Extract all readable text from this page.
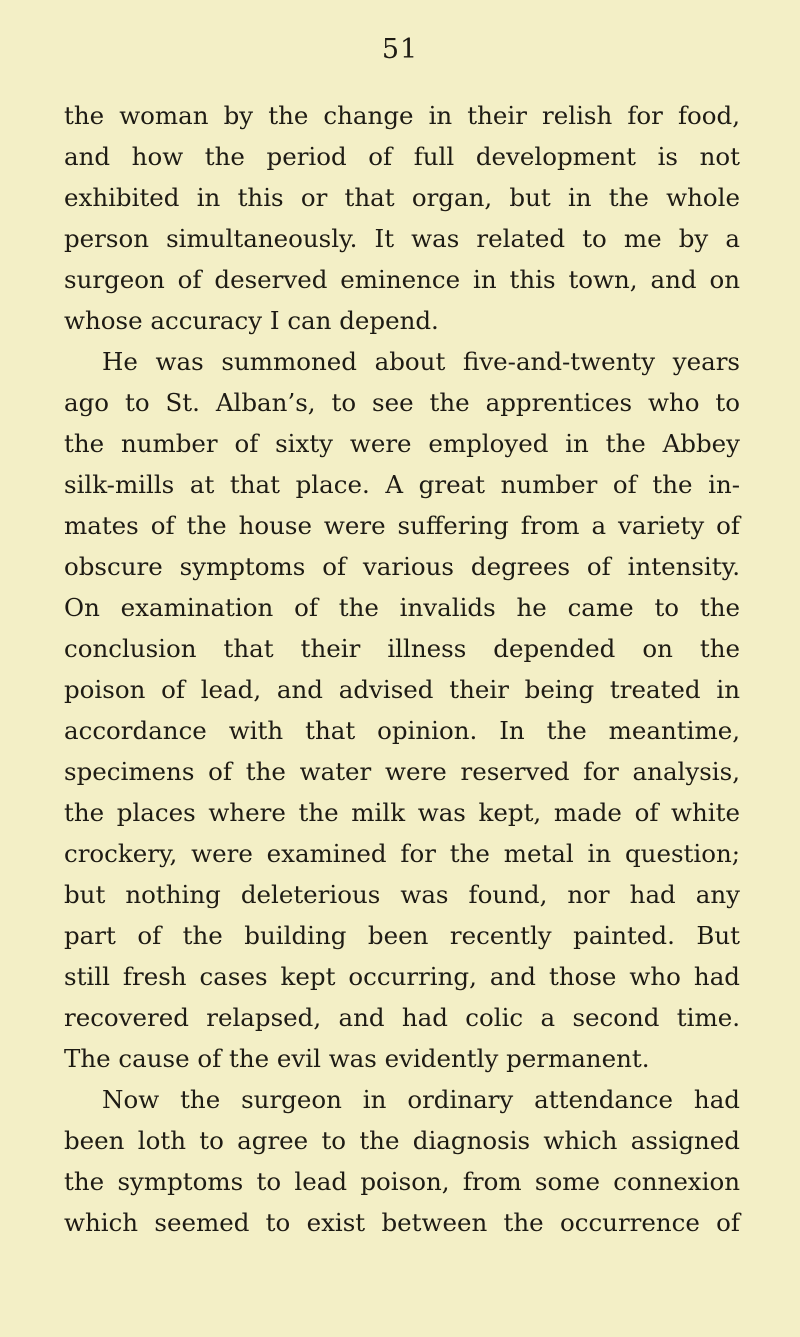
51
the woman by the change in their relish for food,
and how the period of full development is not
exhibited in this or that organ, but in the whole
person simultaneously. It was related to me by a
surgeon of deserved eminence in this town, and on
whose accuracy I can depend.
He was summoned about five-and-twenty years
ago to St. Alban’s, to see the apprentices who to
the number of sixty were employed in the Abbey
silk-mills at that place. A great number of the in-
mates of the house were suffering from a variety of
obscure symptoms of various degrees of intensity.
On examination of the invalids he came to the
conclusion that their illness depended on the
poison of lead, and advised their being treated in
accordance with that opinion. In the meantime,
specimens of the water were reserved for analysis,
the places where the milk was kept, made of white
crockery, were examined for the metal in question;
but nothing deleterious was found, nor had any
part of the building been recently painted. But
still fresh cases kept occurring, and those who had
recovered relapsed, and had colic a second time.
The cause of the evil was evidently permanent.
Now the surgeon in ordinary attendance had
been loth to agree to the diagnosis which assigned
the symptoms to lead poison, from some connexion
which seemed to exist between the occurrence of
